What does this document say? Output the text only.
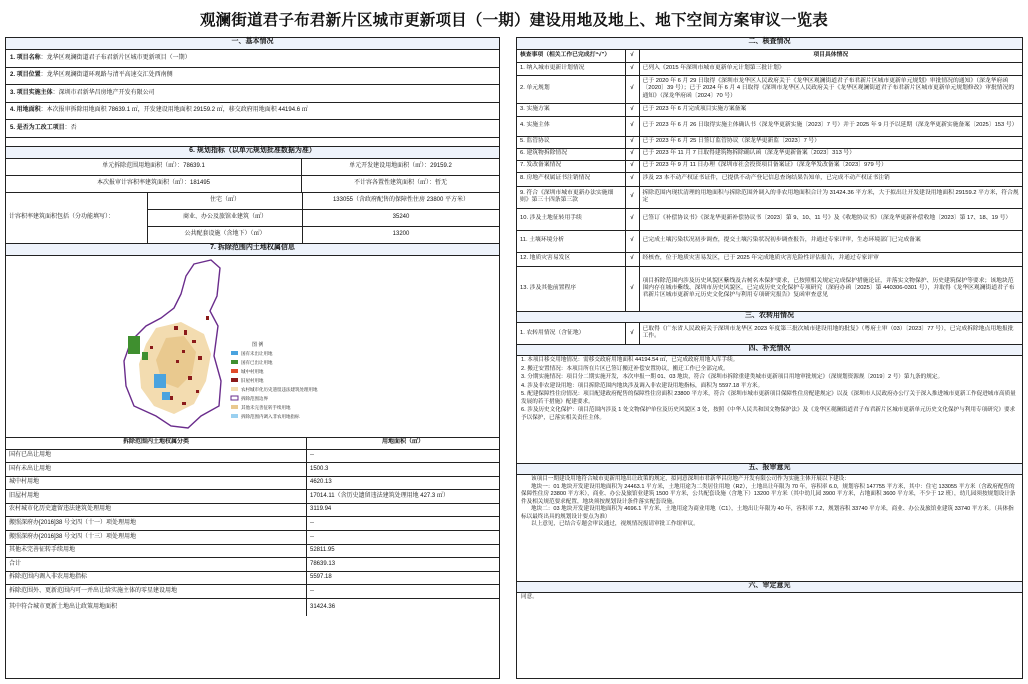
观澜街道君子布君新片区城市更新项目（一期）建设用地及地上、地下空间方案审议一览表
一、基本情况
1. 项目名称 ：龙华区观澜街道君子布君新片区城市更新项目（一期）
2. 项目位置 ：龙华区观澜街道环观路与清平高速交汇处西南侧
3. 项目实施主体 ：深圳市君新华昌房地产开发有限公司
4. 用地面积 ：本次报审拆除用地面积 78639.1 ㎡，开发建设用地面积 29159.2 ㎡，移交政府用地面积 44194.6 ㎡
5. 是否为工改工项目 ：否
6. 规划指标（以单元规划批准数据为准）
单元拆除范围用地面积（㎡）：78639.1	单元开发建设用地面积（㎡）：29159.2
本次报审计容积率建筑面积（㎡）：181495	不计容各置性建筑面积（㎡）：暂无
计容积率建筑面积包括（分功能填写）：
住宅（㎡）	133055（含政府配售的保障性住房 23800 平方米）
商业、办公及旅馆业建筑（㎡）	35240
公共配套设施（含地下）（㎡）	13200
7. 拆除范围内土地权属信息
图 例
国有未出让用地
国有已出让用地
城中村用地
旧屋村用地
农村城市化历史遗留违法建筑处理用地
拆除范围边界
其他未完善征转手续用地
拆除范围内调入非农用地指标
拆除范围内土地权属分类	用地面积（㎡）
国有已出让用地	--
国有未出让用地	1500.3
城中村用地	4620.13
旧屋村用地	17014.11（含历史遗留违法建筑处理用地 427.3 ㎡）
农村城市化历史遗留违法建筑处理用地	3119.94
搬照深府办[2016]38 号文四（十一）项处理用地	--
搬照深府办[2016]38 号文四（十三）项处理用地	--
其他未完善征转手续用地	52811.95
合计	78639.13
拆除范围内调入非农用地指标	5597.18
拆除范围外、更新范围内可一并出让给实施主体的零星建设用地	--
其中符合城市更新土地出让政策用地面积	31424.36
二、核查情况
核查事项（相关工作已完成打“√”）	√	项目具体情况
1. 纳入城市更新计划情况	√	已列入《2015 年深圳市城市更新单元计划第三批计划》
2. 单元规划	√	已于 2020 年 6 月 29 日取得《深圳市龙华区人民政府关于《龙华区观澜街道君子布君新片区城市更新单元规划》审批情况的通知》（深龙华府函〔2020〕39 号）；已于 2024 年 6 月 4 日取得《深圳市龙华区人民政府关于《龙华区观澜街道君子布君新片区城市更新单元规划修改》审批情况的通知》（深龙华府函〔2024〕70 号）
3. 实施方案	√	已于 2023 年 6 月完成项目实施方案备案
4. 实施主体	√	已于 2023 年 6 月 26 日取得实施主体确认书（深龙华更新实施〔2023〕7 号）并于 2025 年 9 月予以延期（深龙华更新实施备案〔2025〕153 号）
5. 监管协议	√	已于 2023 年 6 月 25 日签订监管协议（深龙华更新监〔2023〕7 号）
6. 建筑物拆除情况	√	已于 2023 年 11 月 7 日取得建筑物拆除确认函（深龙华更新备案〔2023〕313 号）
7. 发改备案情况	√	已于 2023 年 9 月 11 日办理《深圳市社会投资项目备案证》（深龙华发改备案〔2023〕979 号）
8. 房地产权属证书注销情况	√	涉及 23 本不动产权证书证件，已提供不动产登记信息查询结果告知单，已完成不动产权证书注销
9. 符合《深圳市城市更新办法实施细则》第三十四条第三款	√	拆除范围内现状清理的用地面积与拆除范围外调入的非农用地面积合计为 31424.36 平方米，大于拟出让开发建设用地面积 29159.2 平方米，符合规定
10. 涉及土地征转用手续	√	已签订《补偿协议书》《深龙华更新补偿协议书〔2023〕第 9、10、11 号》及《收地协议书》（深龙华更新补偿收地〔2023〕第 17、18、19 号）
11. 土壤环境分析	√	已完成土壤污染状况初步调查，提交土壤污染状况初步调查报告，并通过专家评审，生态环境部门已完成备案
12. 地质灾害易发区	√	经核查，位于地质灾害易发区，已于 2025 年完成地质灾害危险性评估报告，并通过专家评审
13. 涉及其他前置程序	√	项目拆除范围内涉及历史风貌区紫线及古树名木保护要求，已按照相关规定完成保护措施论证，并落实文物保护、历史建筑保护等要求；该地块范围内存在城市紫线、深圳市历史风貌区，已完成历史文化保护专项研究（深府办函〔2025〕第 440306-0301 号），并取得《龙华区观澜街道君子布君新片区城市更新单元历史文化保护与利用专项研究报告》复函审查意见
三、农转用情况
1. 农转用情况（含征地）	√	已取得《广东省人民政府关于深圳市龙华区 2023 年度第三批次城市建设用地的批复》（粤府土审（03）〔2023〕77 号），已完成拆除地点用地报批工作。
四、补充情况
1. 本项目移交用地情况：需移交政府用地面积 44194.54 ㎡，已完成政府用地入库手续。
2. 搬迁安置情况：本项目所在片区已签订搬迁补偿安置协议，搬迁工作已全部完成。
3. 分期实施情况：项目分二期实施开发，本次申报一期 01、03 地块，符合《深圳市拆除重建类城市更新项目用地审批规定》（深规划资源规〔2019〕2 号）第九条的规定。
4. 涉及非农建设用地：项目拆除范围内地块涉及调入非农建设用地指标，面积为 5597.18 平方米。
5. 配建保障性住房情况：项目配建政府配售的保障性住房面积 23800 平方米，符合《深圳市城市更新项目保障性住房配建规定》以及《深圳市人民政府办公厅关于深入推进城市更新工作促进城市高质量发展的若干措施》配建要求。
6. 涉及历史文化保护：项目范围内涉及 1 处文物保护单位及历史风貌区 3 处，按照《中华人民共和国文物保护法》及《龙华区观澜街道君子布君新片区城市更新单元历史文化保护与利用专项研究》要求予以保护，已落实相关责任主体。
五、报审意见

该项目一期建设用地符合城市更新用地出让政策的规定，拟同意深圳市君新华昌房地产开发有限公司作为实施主体开展以下建设：

地块一：01 地块开发建设用地面积为 24463.1 平方米，土地用途为二类居住用地（R2），土地出让年限为 70 年，容积率 6.0，规划容积 147755 平方米，其中：住宅 133055 平方米（含政府配售的保障性住房 23800 平方米），商业、办公及旅馆业建筑 1500 平方米，公共配套设施（含地下）13200 平方米（其中幼儿园 3900 平方米，占地面积 3600 平方米，不少于 12 班），幼儿园须按规划设计条件及相关规范要求配置，地块须按规划设计条件落实配套设施。

地块二：03 地块开发建设用地面积为 4696.1 平方米，土地用途为商业用地（C1），土地出让年限为 40 年，容积率 7.2，规划容积 33740 平方米，商业、办公及旅馆业建筑 33740 平方米。（具体指标以最终出具的规划设计要点为准）

以上意见，已结合专题会审议通过，视规情况报请审批工作组审议。

六、审定意见
同意。
